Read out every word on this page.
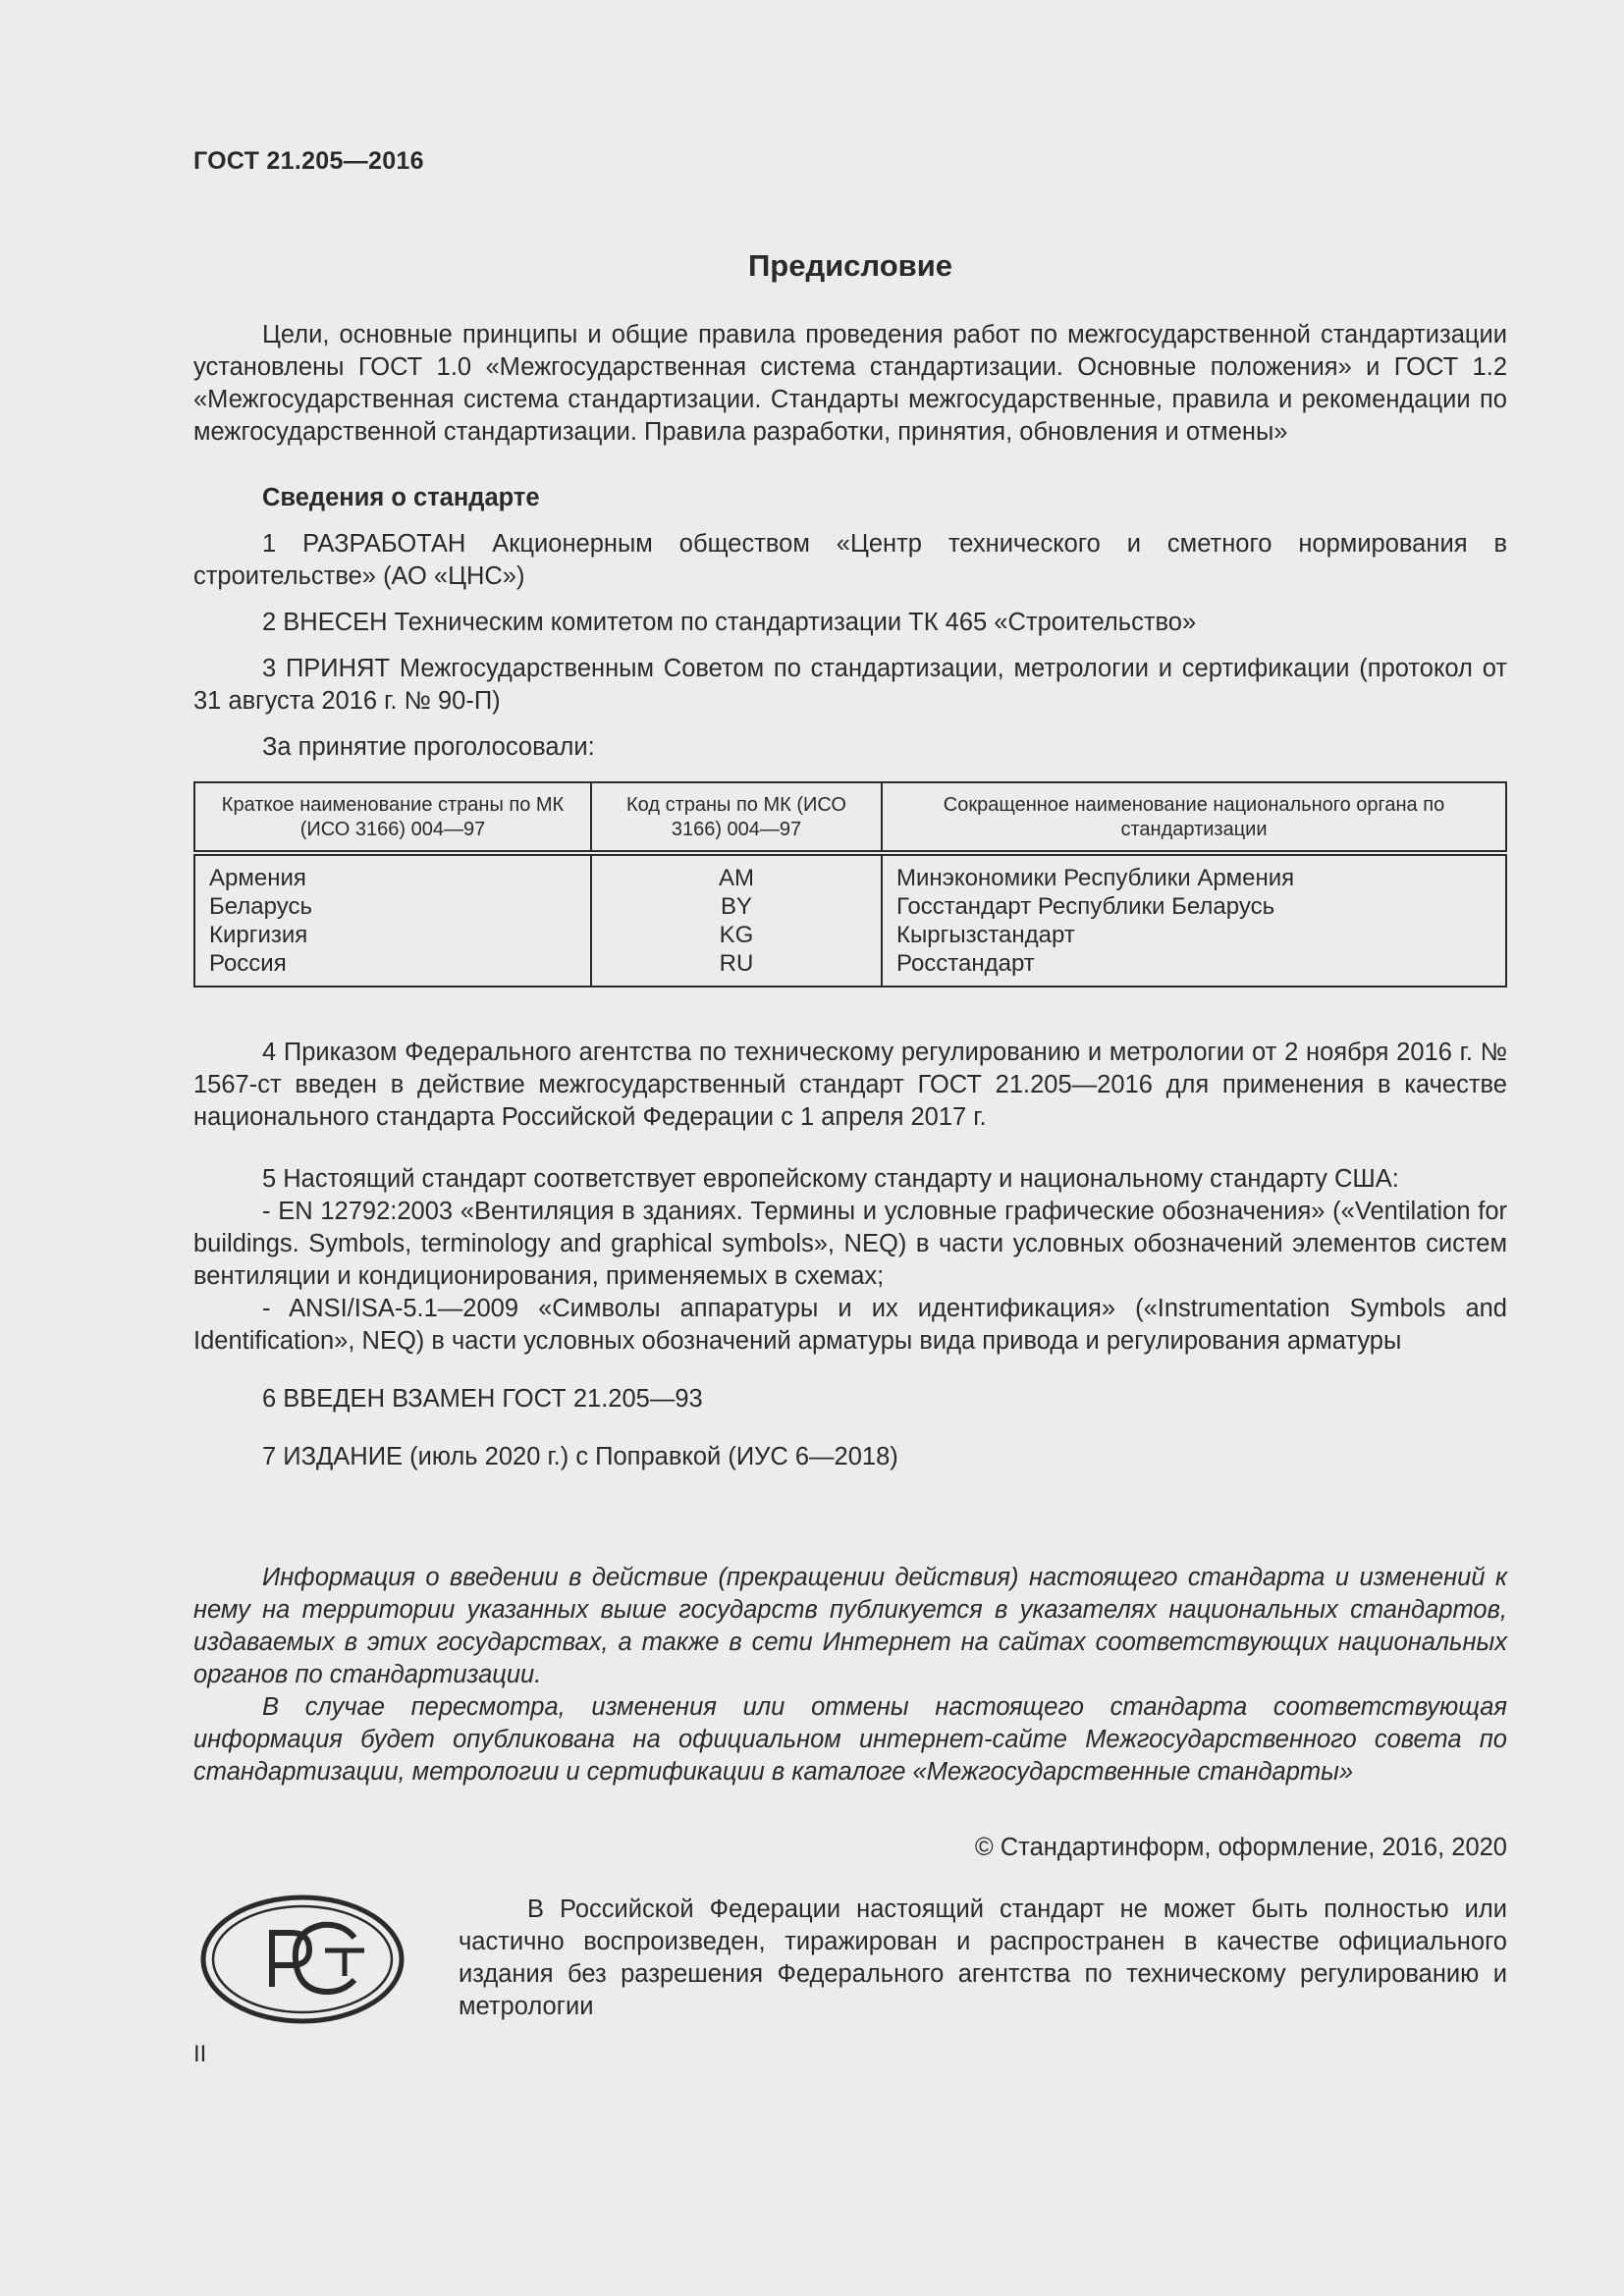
ГОСТ 21.205—2016
Предисловие

Цели, основные принципы и общие правила проведения работ по межгосударственной стандартизации установлены ГОСТ 1.0 «Межгосударственная система стандартизации. Основные положения» и ГОСТ 1.2 «Межгосударственная система стандартизации. Стандарты межгосударственные, правила и рекомендации по межгосударственной стандартизации. Правила разработки, принятия, обновления и отмены»

Сведения о стандарте

1 РАЗРАБОТАН Акционерным обществом «Центр технического и сметного нормирования в строительстве» (АО «ЦНС»)

2 ВНЕСЕН Техническим комитетом по стандартизации ТК 465 «Строительство»

3 ПРИНЯТ Межгосударственным Советом по стандартизации, метрологии и сертификации (протокол от 31 августа 2016 г. № 90-П)

За принятие проголосовали:

Краткое наименование страны по МК (ИСО 3166) 004—97	Код страны по МК (ИСО 3166) 004—97	Сокращенное наименование национального органа по стандартизации
Армения	AM	Минэкономики Республики Армения
Беларусь	BY	Госстандарт Республики Беларусь
Киргизия	KG	Кыргызстандарт
Россия	RU	Росстандарт

4 Приказом Федерального агентства по техническому регулированию и метрологии от 2 ноября 2016 г. № 1567-ст введен в действие межгосударственный стандарт ГОСТ 21.205—2016 для применения в качестве национального стандарта Российской Федерации с 1 апреля 2017 г.

5 Настоящий стандарт соответствует европейскому стандарту и национальному стандарту США:

- EN 12792:2003 «Вентиляция в зданиях. Термины и условные графические обозначения» («Ventilation for buildings. Symbols, terminology and graphical symbols», NEQ) в части условных обозначений элементов систем вентиляции и кондиционирования, применяемых в схемах;

- ANSI/ISA-5.1—2009 «Символы аппаратуры и их идентификация» («Instrumentation Symbols and Identification», NEQ) в части условных обозначений арматуры вида привода и регулирования арматуры

6 ВВЕДЕН ВЗАМЕН ГОСТ 21.205—93

7 ИЗДАНИЕ (июль 2020 г.) с Поправкой (ИУС 6—2018)

Информация о введении в действие (прекращении действия) настоящего стандарта и изменений к нему на территории указанных выше государств публикуется в указателях национальных стандартов, издаваемых в этих государствах, а также в сети Интернет на сайтах соответствующих национальных органов по стандартизации.

В случае пересмотра, изменения или отмены настоящего стандарта соответствующая информация будет опубликована на официальном интернет-сайте Межгосударственного совета по стандартизации, метрологии и сертификации в каталоге «Межгосударственные стандарты»

© Стандартинформ, оформление, 2016, 2020

В Российской Федерации настоящий стандарт не может быть полностью или частично воспроизведен, тиражирован и распространен в качестве официального издания без разрешения Федерального агентства по техническому регулированию и метрологии

II
